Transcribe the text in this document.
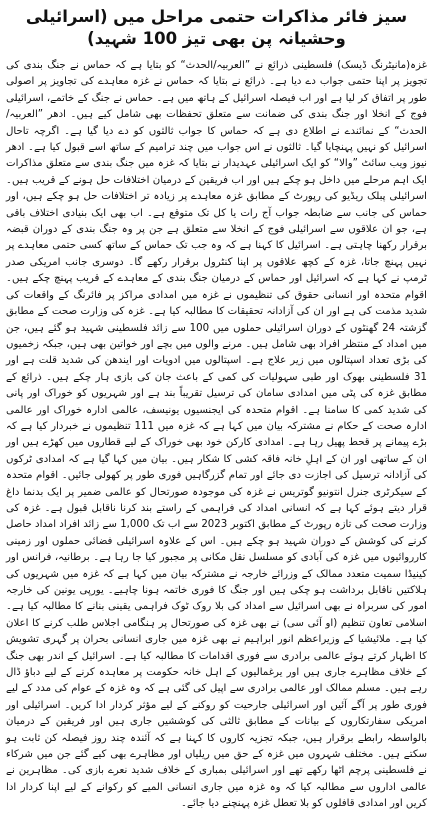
سیز فائر مذاکرات حتمی مراحل میں (اسرائیلی وحشیانہ پن بھی تیز 100 شہید)

غزہ(مانیٹرنگ ڈیسک) فلسطینی ذرائع نے ”العربیہ/الحدث“ کو بتایا ہے کہ حماس نے جنگ بندی کی تجویز پر اپنا حتمی جواب دے دیا ہے۔ ذرائع نے بتایا کہ حماس نے غزہ معاہدے کی تجاویز پر اصولی طور پر اتفاق کر لیا ہے اور اب فیصلہ اسرائیل کے ہاتھ میں ہے۔ حماس نے جنگ کے خاتمے، اسرائیلی فوج کے انخلا اور جنگ بندی کی ضمانت سے متعلق تحفظات بھی شامل کیے ہیں۔ ادھر ”العربیہ/الحدث“ کے نمائندے نے اطلاع دی ہے کہ حماس کا جواب ثالثوں کو دے دیا گیا ہے۔ اگرچہ تاحال اسرائیل کو نہیں پہنچایا گیا۔ ثالثوں نے اس جواب میں چند ترامیم کے ساتھ اسے قبول کیا ہے۔ ادھر نیوز ویب سائٹ ”والا“ کو ایک اسرائیلی عہدیدار نے بتایا کہ غزہ میں جنگ بندی سے متعلق مذاکرات ایک اہم مرحلے میں داخل ہو چکے ہیں اور اب فریقین کے درمیان اختلافات حل ہونے کے قریب ہیں۔ اسرائیلی پبلک ریڈیو کی رپورٹ کے مطابق غزہ معاہدے پر زیادہ تر اختلافات حل ہو چکے ہیں، اور حماس کی جانب سے ضابطہ جواب آج رات یا کل تک متوقع ہے۔ اب بھی ایک بنیادی اختلاف باقی ہے، جو ان علاقوں سے اسرائیلی فوج کے انخلا سے متعلق ہے جن پر وہ جنگ بندی کے دوران قبضہ برقرار رکھنا چاہتی ہے۔ اسرائیل کا کہنا ہے کہ وہ جب تک حماس کے ساتھ کسی حتمی معاہدے پر نہیں پہنچ جاتا، غزہ کے کچھ علاقوں پر اپنا کنٹرول برقرار رکھے گا۔ دوسری جانب امریکی صدر ٹرمپ نے کہا ہے کہ اسرائیل اور حماس کے درمیان جنگ بندی کے معاہدے کے قریب پہنچ چکے ہیں۔ اقوام متحدہ اور انسانی حقوق کی تنظیموں نے غزہ میں امدادی مراکز پر فائرنگ کے واقعات کی شدید مذمت کی ہے اور ان کی آزادانہ تحقیقات کا مطالبہ کیا ہے۔ غزہ کی وزارت صحت کے مطابق گزشتہ 24 گھنٹوں کے دوران اسرائیلی حملوں میں 100 سے زائد فلسطینی شہید ہو گئے ہیں، جن میں امداد کے منتظر افراد بھی شامل ہیں۔ مرنے والوں میں بچے اور خواتین بھی ہیں، جبکہ زخمیوں کی بڑی تعداد اسپتالوں میں زیر علاج ہے۔ اسپتالوں میں ادویات اور ایندھن کی شدید قلت ہے اور 31 فلسطینی بھوک اور طبی سہولیات کی کمی کے باعث جان کی بازی ہار چکے ہیں۔ ذرائع کے مطابق غزہ کی پٹی میں امدادی سامان کی ترسیل تقریباً بند ہے اور شہریوں کو خوراک اور پانی کی شدید کمی کا سامنا ہے۔ اقوام متحدہ کی ایجنسیوں یونیسف، عالمی ادارہ خوراک اور عالمی ادارہ صحت کے حکام نے مشترکہ بیان میں کہا ہے کہ غزہ میں 111 تنظیموں نے خبردار کیا ہے کہ بڑے پیمانے پر قحط پھیل رہا ہے۔ امدادی کارکن خود بھی خوراک کے لیے قطاروں میں کھڑے ہیں اور ان کے ساتھی اور ان کے اہلِ خانہ فاقہ کشی کا شکار ہیں۔ بیان میں کہا گیا ہے کہ امدادی ٹرکوں کی آزادانہ ترسیل کی اجازت دی جائے اور تمام گزرگاہیں فوری طور پر کھولی جائیں۔ اقوام متحدہ کے سیکرٹری جنرل انتونیو گوتریس نے غزہ کی موجودہ صورتحال کو عالمی ضمیر پر ایک بدنما داغ قرار دیتے ہوئے کہا ہے کہ انسانی امداد کی فراہمی کے راستے بند کرنا ناقابل قبول ہے۔ غزہ کی وزارت صحت کی تازہ رپورٹ کے مطابق اکتوبر 2023 سے اب تک 1,000 سے زائد افراد امداد حاصل کرنے کی کوشش کے دوران شہید ہو چکے ہیں۔ اس کے علاوہ اسرائیلی فضائی حملوں اور زمینی کارروائیوں میں غزہ کی آبادی کو مسلسل نقل مکانی پر مجبور کیا جا رہا ہے۔ برطانیہ، فرانس اور کینیڈا سمیت متعدد ممالک کے وزرائے خارجہ نے مشترکہ بیان میں کہا ہے کہ غزہ میں شہریوں کی ہلاکتیں ناقابل برداشت ہو چکی ہیں اور جنگ کا فوری خاتمہ ہونا چاہیے۔ یورپی یونین کی خارجہ امور کی سربراہ نے بھی اسرائیل سے امداد کی بلا روک ٹوک فراہمی یقینی بنانے کا مطالبہ کیا ہے۔ اسلامی تعاون تنظیم (او آئی سی) نے بھی غزہ کی صورتحال پر ہنگامی اجلاس طلب کرنے کا اعلان کیا ہے۔ ملائیشیا کے وزیراعظم انور ابراہیم نے بھی غزہ میں جاری انسانی بحران پر گہری تشویش کا اظہار کرتے ہوئے عالمی برادری سے فوری اقدامات کا مطالبہ کیا ہے۔ اسرائیل کے اندر بھی جنگ کے خلاف مظاہرے جاری ہیں اور یرغمالیوں کے اہل خانہ حکومت پر معاہدہ کرنے کے لیے دباؤ ڈال رہے ہیں۔ مسلم ممالک اور عالمی برادری سے اپیل کی گئی ہے کہ وہ غزہ کے عوام کی مدد کے لیے فوری طور پر آگے آئیں اور اسرائیلی جارحیت کو روکنے کے لیے مؤثر کردار ادا کریں۔ اسرائیلی اور امریکی سفارتکاروں کے بیانات کے مطابق ثالثی کی کوششیں جاری ہیں اور فریقین کے درمیان بالواسطہ رابطے برقرار ہیں، جبکہ تجزیہ کاروں کا کہنا ہے کہ آئندہ چند روز فیصلہ کن ثابت ہو سکتے ہیں۔ مختلف شہروں میں غزہ کے حق میں ریلیاں اور مظاہرے بھی کیے گئے جن میں شرکاء نے فلسطینی پرچم اٹھا رکھے تھے اور اسرائیلی بمباری کے خلاف شدید نعرے بازی کی۔ مظاہرین نے عالمی اداروں سے مطالبہ کیا کہ وہ غزہ میں جاری انسانی المیے کو رکوانے کے لیے اپنا کردار ادا کریں اور امدادی قافلوں کو بلا تعطل غزہ پہنچنے دیا جائے۔
